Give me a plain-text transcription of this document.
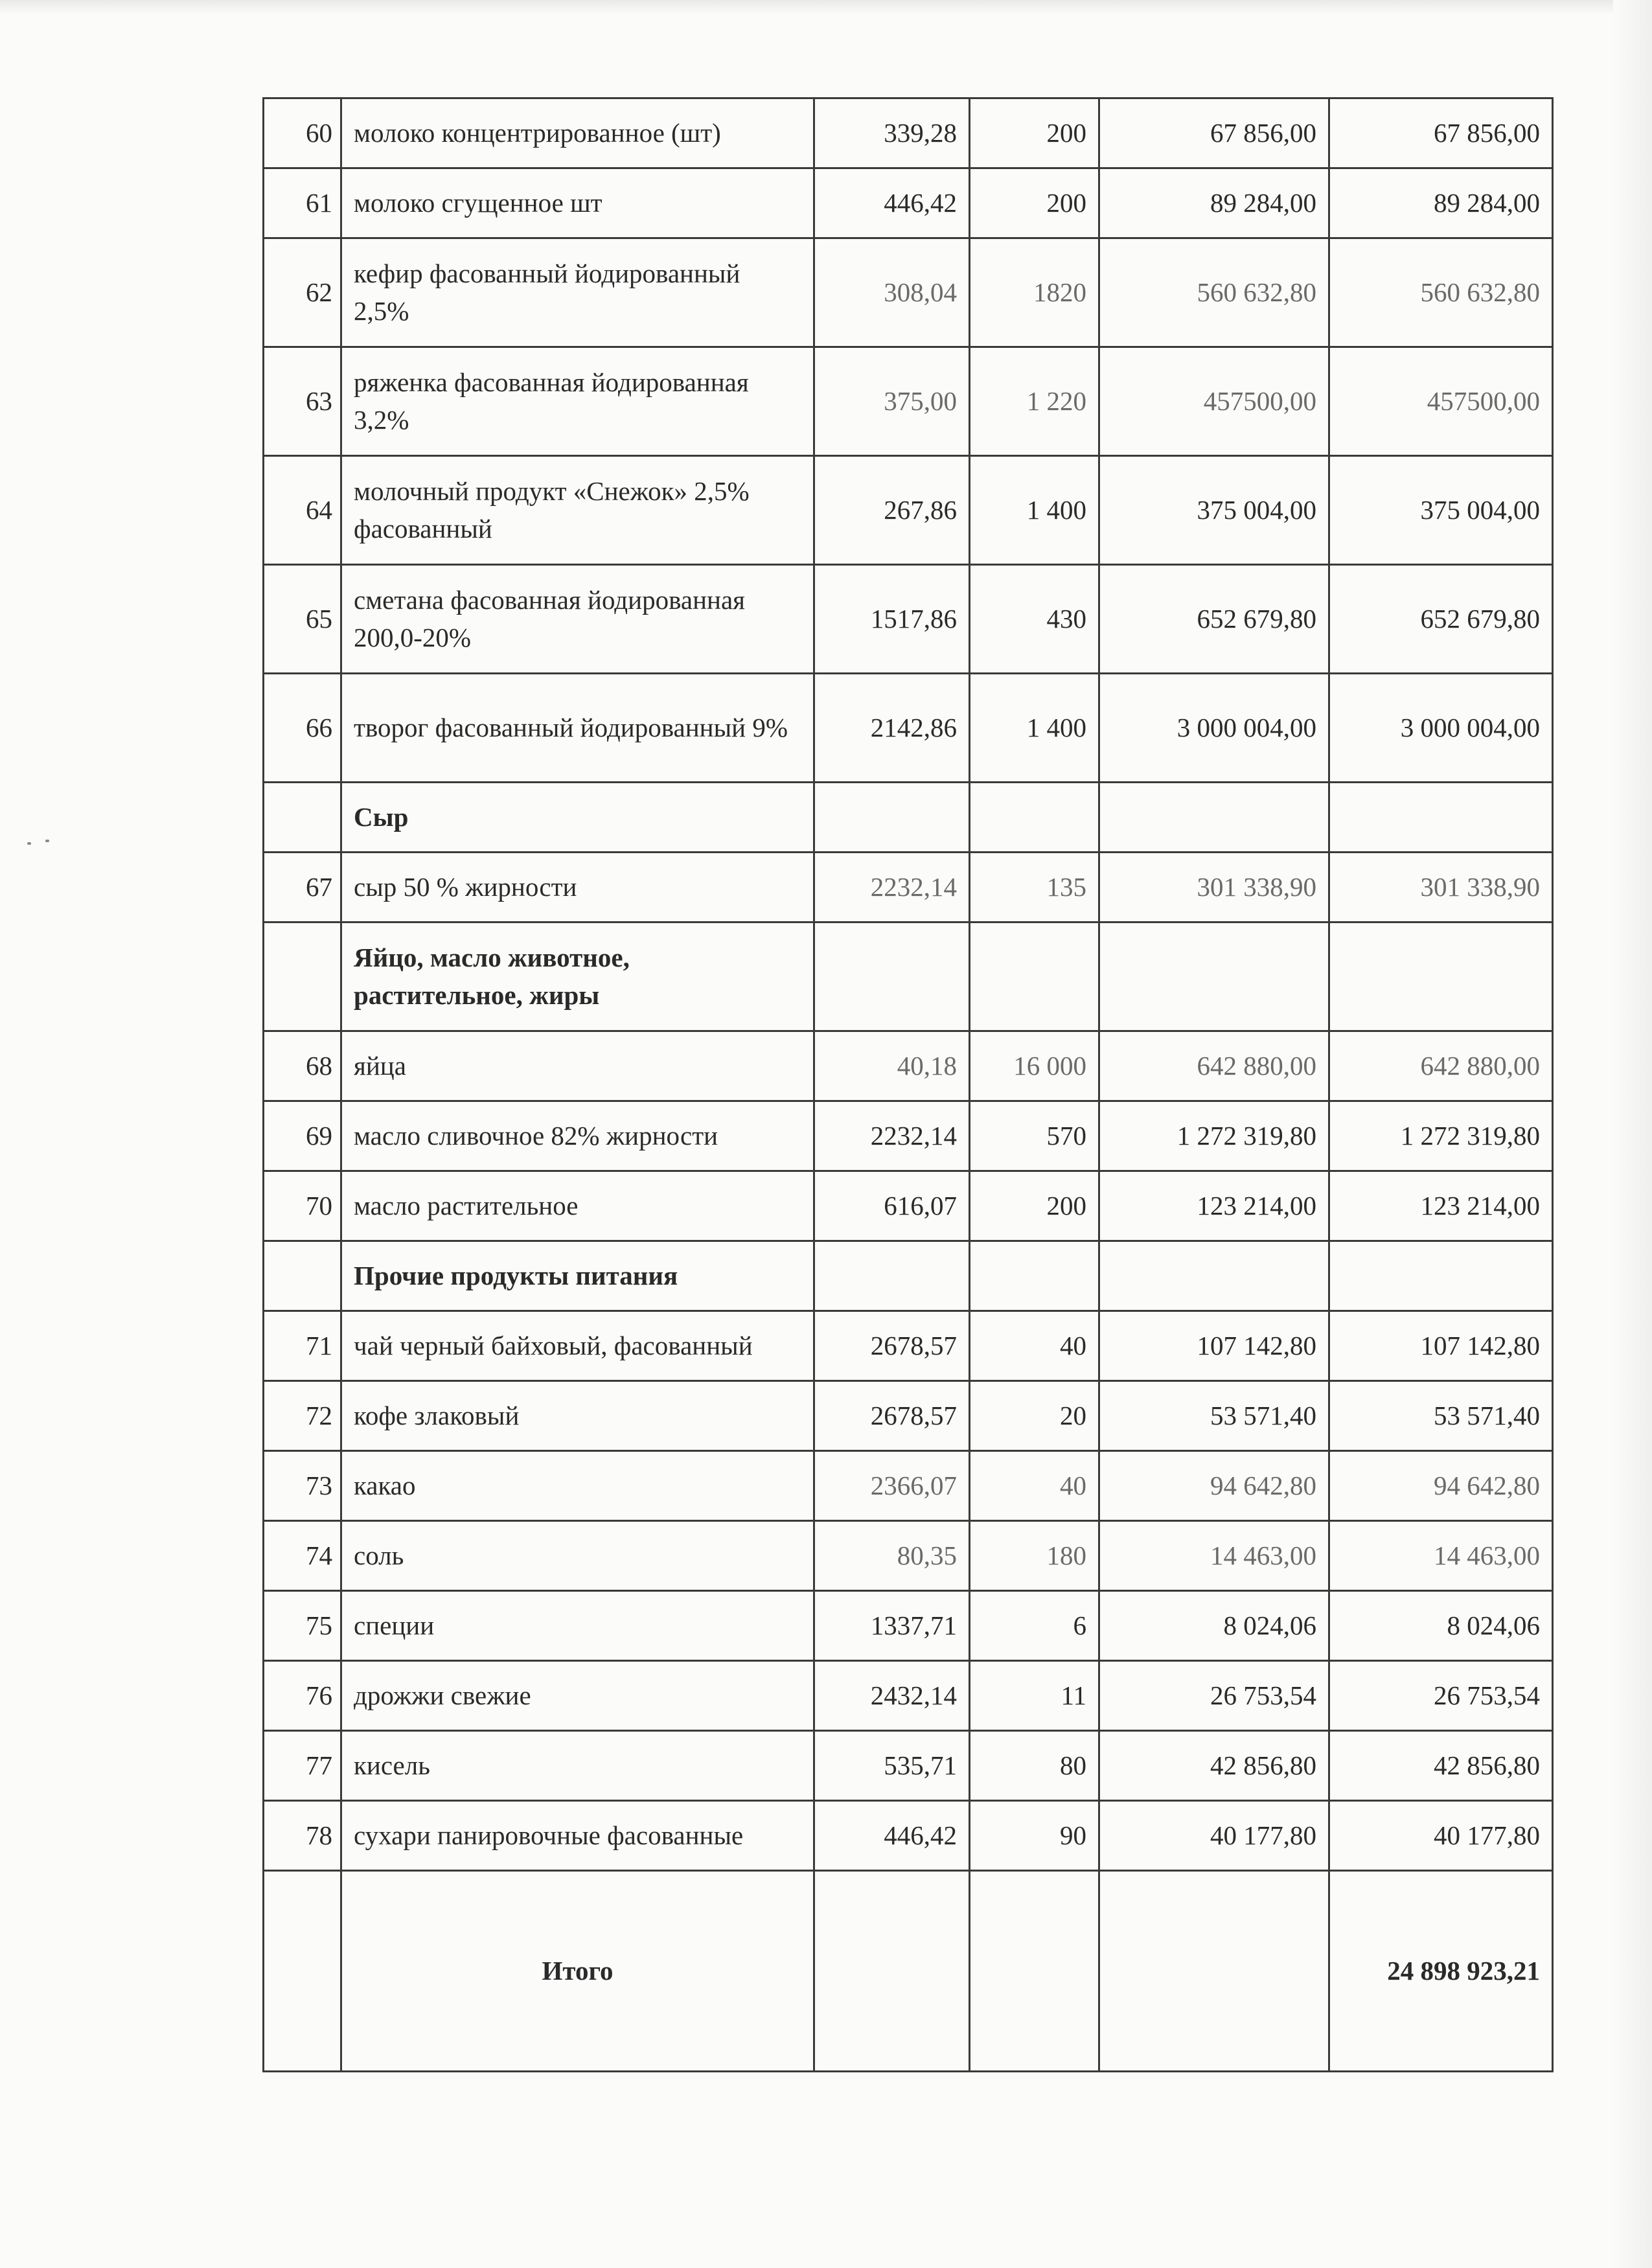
60	молоко концентрированное (шт)	339,28	200	67 856,00	67 856,00
61	молоко сгущенное шт	446,42	200	89 284,00	89 284,00
62	кефир фасованный йодированный 2,5%	308,04	1820	560 632,80	560 632,80
63	ряженка фасованная йодированная 3,2%	375,00	1 220	457500,00	457500,00
64	молочный продукт «Снежок» 2,5% фасованный	267,86	1 400	375 004,00	375 004,00
65	сметана фасованная йодированная 200,0-20%	1517,86	430	652 679,80	652 679,80
66	творог фасованный йодированный 9%	2142,86	1 400	3 000 004,00	3 000 004,00
	Сыр				
67	сыр 50 % жирности	2232,14	135	301 338,90	301 338,90
	Яйцо, масло животное, растительное, жиры				
68	яйца	40,18	16 000	642 880,00	642 880,00
69	масло сливочное 82% жирности	2232,14	570	1 272 319,80	1 272 319,80
70	масло растительное	616,07	200	123 214,00	123 214,00
	Прочие продукты питания				
71	чай черный байховый, фасованный	2678,57	40	107 142,80	107 142,80
72	кофе злаковый	2678,57	20	53 571,40	53 571,40
73	какао	2366,07	40	94 642,80	94 642,80
74	соль	80,35	180	14 463,00	14 463,00
75	специи	1337,71	6	8 024,06	8 024,06
76	дрожжи свежие	2432,14	11	26 753,54	26 753,54
77	кисель	535,71	80	42 856,80	42 856,80
78	сухари панировочные фасованные	446,42	90	40 177,80	40 177,80
	Итого				24 898 923,21
